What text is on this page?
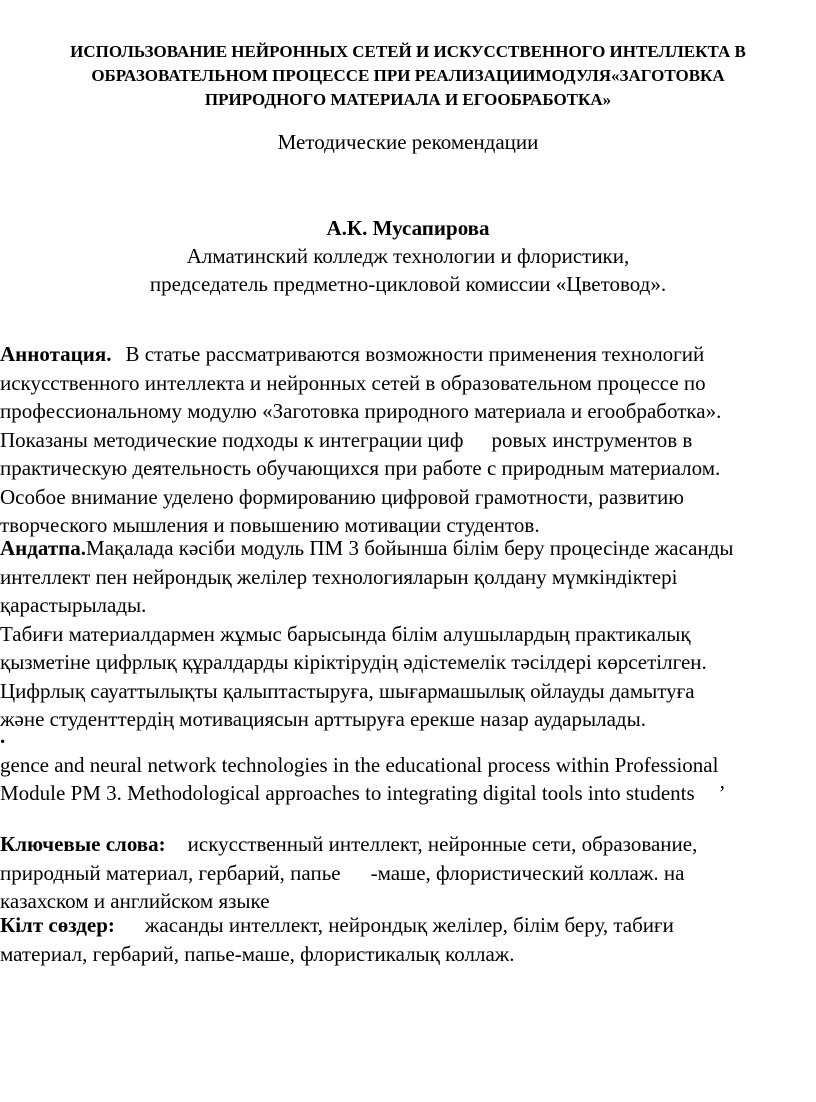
ИСПОЛЬЗОВАНИЕ НЕЙРОННЫХ СЕТЕЙ И ИСКУССТВЕННОГО ИНТЕЛЛЕКТА В
ОБРАЗОВАТЕЛЬНОМ ПРОЦЕССЕ ПРИ РЕАЛИЗАЦИИМОДУЛЯ«ЗАГОТОВКА
ПРИРОДНОГО МАТЕРИАЛА И ЕГООБРАБОТКА»
Методические рекомендации
А.К. Мусапирова
Алматинский колледж технологии и флористики,
председатель предметно-цикловой комиссии «Цветовод».
Аннотация. В статье рассматриваются возможности применения технологий
искусственного интеллекта и нейронных сетей в образовательном процессе по
профессиональному модулю «Заготовка природного материала и егообработка».
Показаны методические подходы к интеграции циф ровых инструментов в
практическую деятельность обучающихся при работе с природным материалом.
Особое внимание уделено формированию цифровой грамотности, развитию
творческого мышления и повышению мотивации студентов.
Андатпа.Мақалада кәсіби модуль ПМ 3 бойынша білім беру процесінде жасанды
интеллект пен нейрондық желілер технологияларын қолдану мүмкіндіктері
қарастырылады.
Табиғи материалдармен жұмыс барысында білім алушылардың практикалық
қызметіне цифрлық құралдарды кіріктірудің әдістемелік тәсілдері көрсетілген.
Цифрлық сауаттылықты қалыптастыруға, шығармашылық ойлауды дамытуға
және студенттердің мотивациясын арттыруға ерекше назар аударылады.
.
gence and neural network technologies in the educational process within Professional
Module PM 3. Methodological approaches to integrating digital tools into students ’
Ключевые слова: искусственный интеллект, нейронные сети, образование,
природный материал, гербарий, папье -маше, флористический коллаж. на
казахском и английском языке
Кілт сөздер: жасанды интеллект, нейрондық желілер, білім беру, табиғи
материал, гербарий, папье-маше, флористикалық коллаж.
